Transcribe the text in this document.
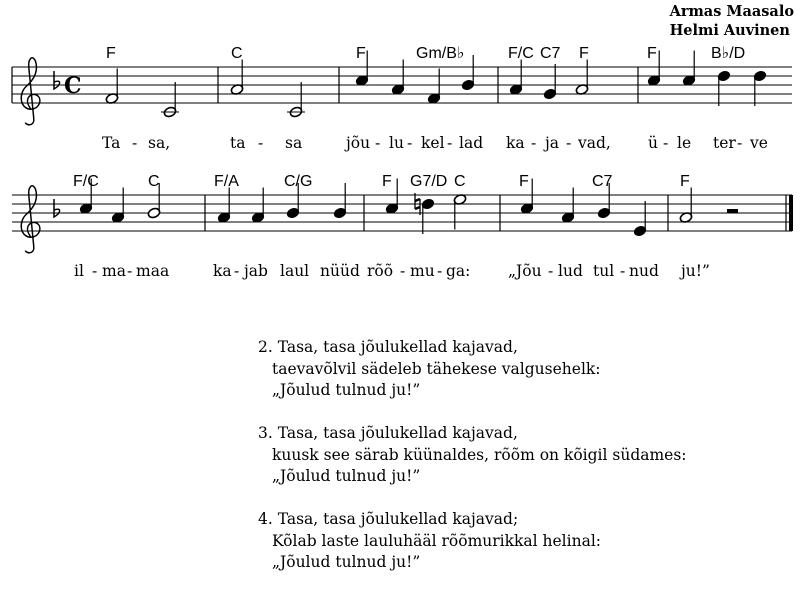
Armas Maasalo
Helmi Auvinen
C
F	C	F	Gm/B♭	F/C C7 F	F	B♭/D
Ta - sa,	ta - sa	jõu - lu - kel - lad ka - ja - vad, ü - le ter - ve
F/C	C	F/A	C/G	F G7/D C	F	C7	F
il - ma - maa	ka - jab laul nüüd rõõ - mu - ga: „Jõu - lud tul - nud ju!”
2. Tasa, tasa jõulukellad kajavad,
taevavõlvil sädeleb tähekese valgusehelk:
„Jõulud tulnud ju!”
3. Tasa, tasa jõulukellad kajavad,
kuusk see särab küünaldes, rõõm on kõigil südames:
„Jõulud tulnud ju!”
4. Tasa, tasa jõulukellad kajavad;
Kõlab laste lauluhääl rõõmurikkal helinal:
„Jõulud tulnud ju!”
